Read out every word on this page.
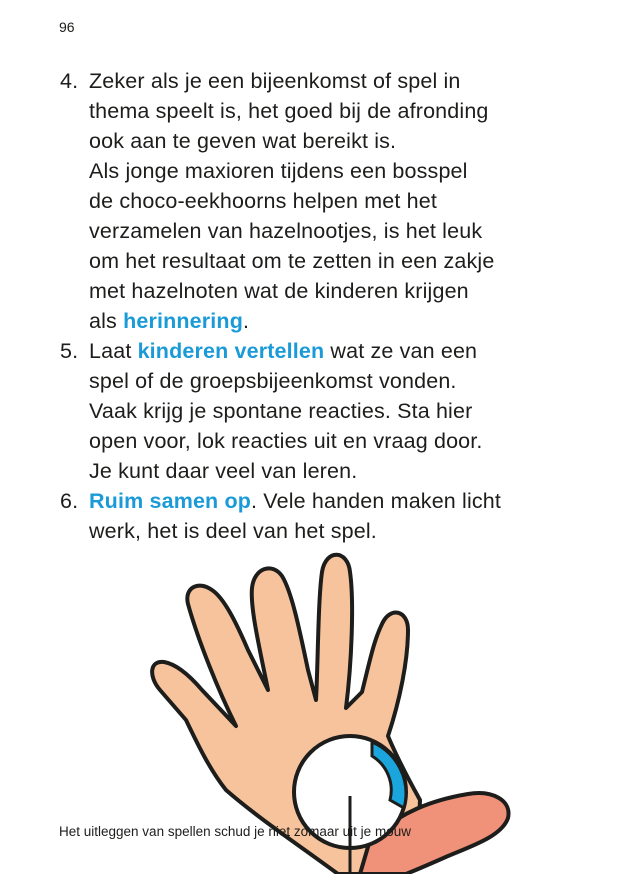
96
4. Zeker als je een bijeenkomst of spel in
thema speelt is, het goed bij de afronding
ook aan te geven wat bereikt is.
Als jonge maxioren tijdens een bosspel
de choco-eekhoorns helpen met het
verzamelen van hazelnootjes, is het leuk
om het resultaat om te zetten in een zakje
met hazelnoten wat de kinderen krijgen
als herinnering.
5. Laat kinderen vertellen wat ze van een
spel of de groepsbijeenkomst vonden.
Vaak krijg je spontane reacties. Sta hier
open voor, lok reacties uit en vraag door.
Je kunt daar veel van leren.
6. Ruim samen op. Vele handen maken licht
werk, het is deel van het spel.
Het uitleggen van spellen schud je niet zomaar uit je mouw
